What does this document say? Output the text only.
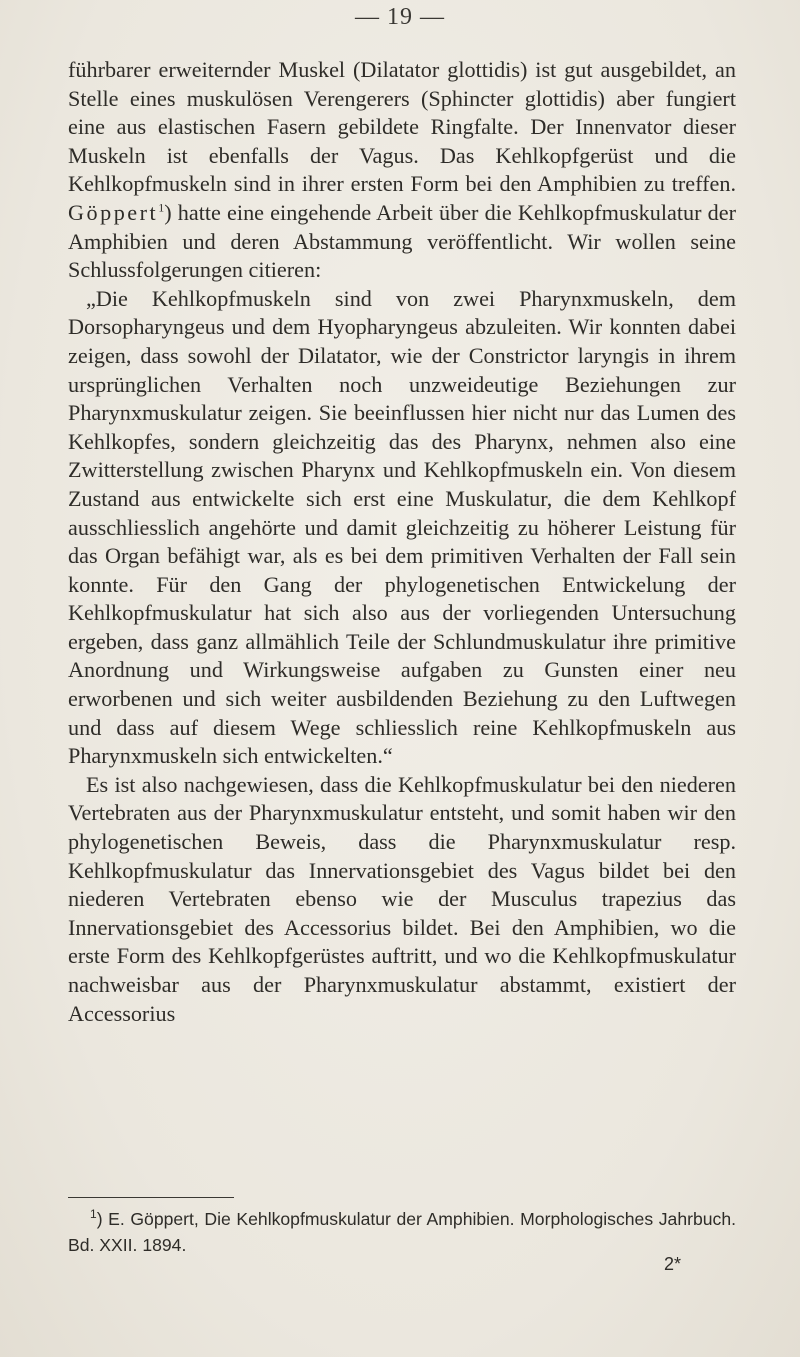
— 19 —

führbarer erweiternder Muskel (Dilatator glottidis) ist gut ausgebildet, an Stelle eines muskulösen Verengerers (Sphincter glottidis) aber fungiert eine aus elastischen Fasern gebildete Ringfalte. Der Innenvator dieser Muskeln ist ebenfalls der Vagus. Das Kehlkopfgerüst und die Kehlkopfmuskeln sind in ihrer ersten Form bei den Amphibien zu treffen. Göppert$^1$) hatte eine eingehende Arbeit über die Kehlkopfmuskulatur der Amphibien und deren Abstammung veröffentlicht. Wir wollen seine Schlussfolgerungen citieren:

„Die Kehlkopfmuskeln sind von zwei Pharynxmuskeln, dem Dorsopharyngeus und dem Hyopharyngeus abzuleiten. Wir konnten dabei zeigen, dass sowohl der Dilatator, wie der Constrictor laryngis in ihrem ursprünglichen Verhalten noch unzweideutige Beziehungen zur Pharynxmuskulatur zeigen. Sie beeinflussen hier nicht nur das Lumen des Kehlkopfes, sondern gleichzeitig das des Pharynx, nehmen also eine Zwitterstellung zwischen Pharynx und Kehlkopfmuskeln ein. Von diesem Zustand aus entwickelte sich erst eine Muskulatur, die dem Kehlkopf ausschliesslich angehörte und damit gleichzeitig zu höherer Leistung für das Organ befähigt war, als es bei dem primitiven Verhalten der Fall sein konnte. Für den Gang der phylogenetischen Entwickelung der Kehlkopfmuskulatur hat sich also aus der vorliegenden Untersuchung ergeben, dass ganz allmählich Teile der Schlundmuskulatur ihre primitive Anordnung und Wirkungsweise aufgaben zu Gunsten einer neu erworbenen und sich weiter ausbildenden Beziehung zu den Luftwegen und dass auf diesem Wege schliesslich reine Kehlkopfmuskeln aus Pharynxmuskeln sich entwickelten.“

Es ist also nachgewiesen, dass die Kehlkopfmuskulatur bei den niederen Vertebraten aus der Pharynxmuskulatur entsteht, und somit haben wir den phylogenetischen Beweis, dass die Pharynxmuskulatur resp. Kehlkopfmuskulatur das Innervationsgebiet des Vagus bildet bei den niederen Vertebraten ebenso wie der Musculus trapezius das Innervationsgebiet des Accessorius bildet. Bei den Amphibien, wo die erste Form des Kehlkopfgerüstes auftritt, und wo die Kehlkopfmuskulatur nachweisbar aus der Pharynxmuskulatur abstammt, existiert der Accessorius

$^1$) E. Göppert, Die Kehlkopfmuskulatur der Amphibien. Morphologisches Jahrbuch. Bd. XXII. 1894.

2*
